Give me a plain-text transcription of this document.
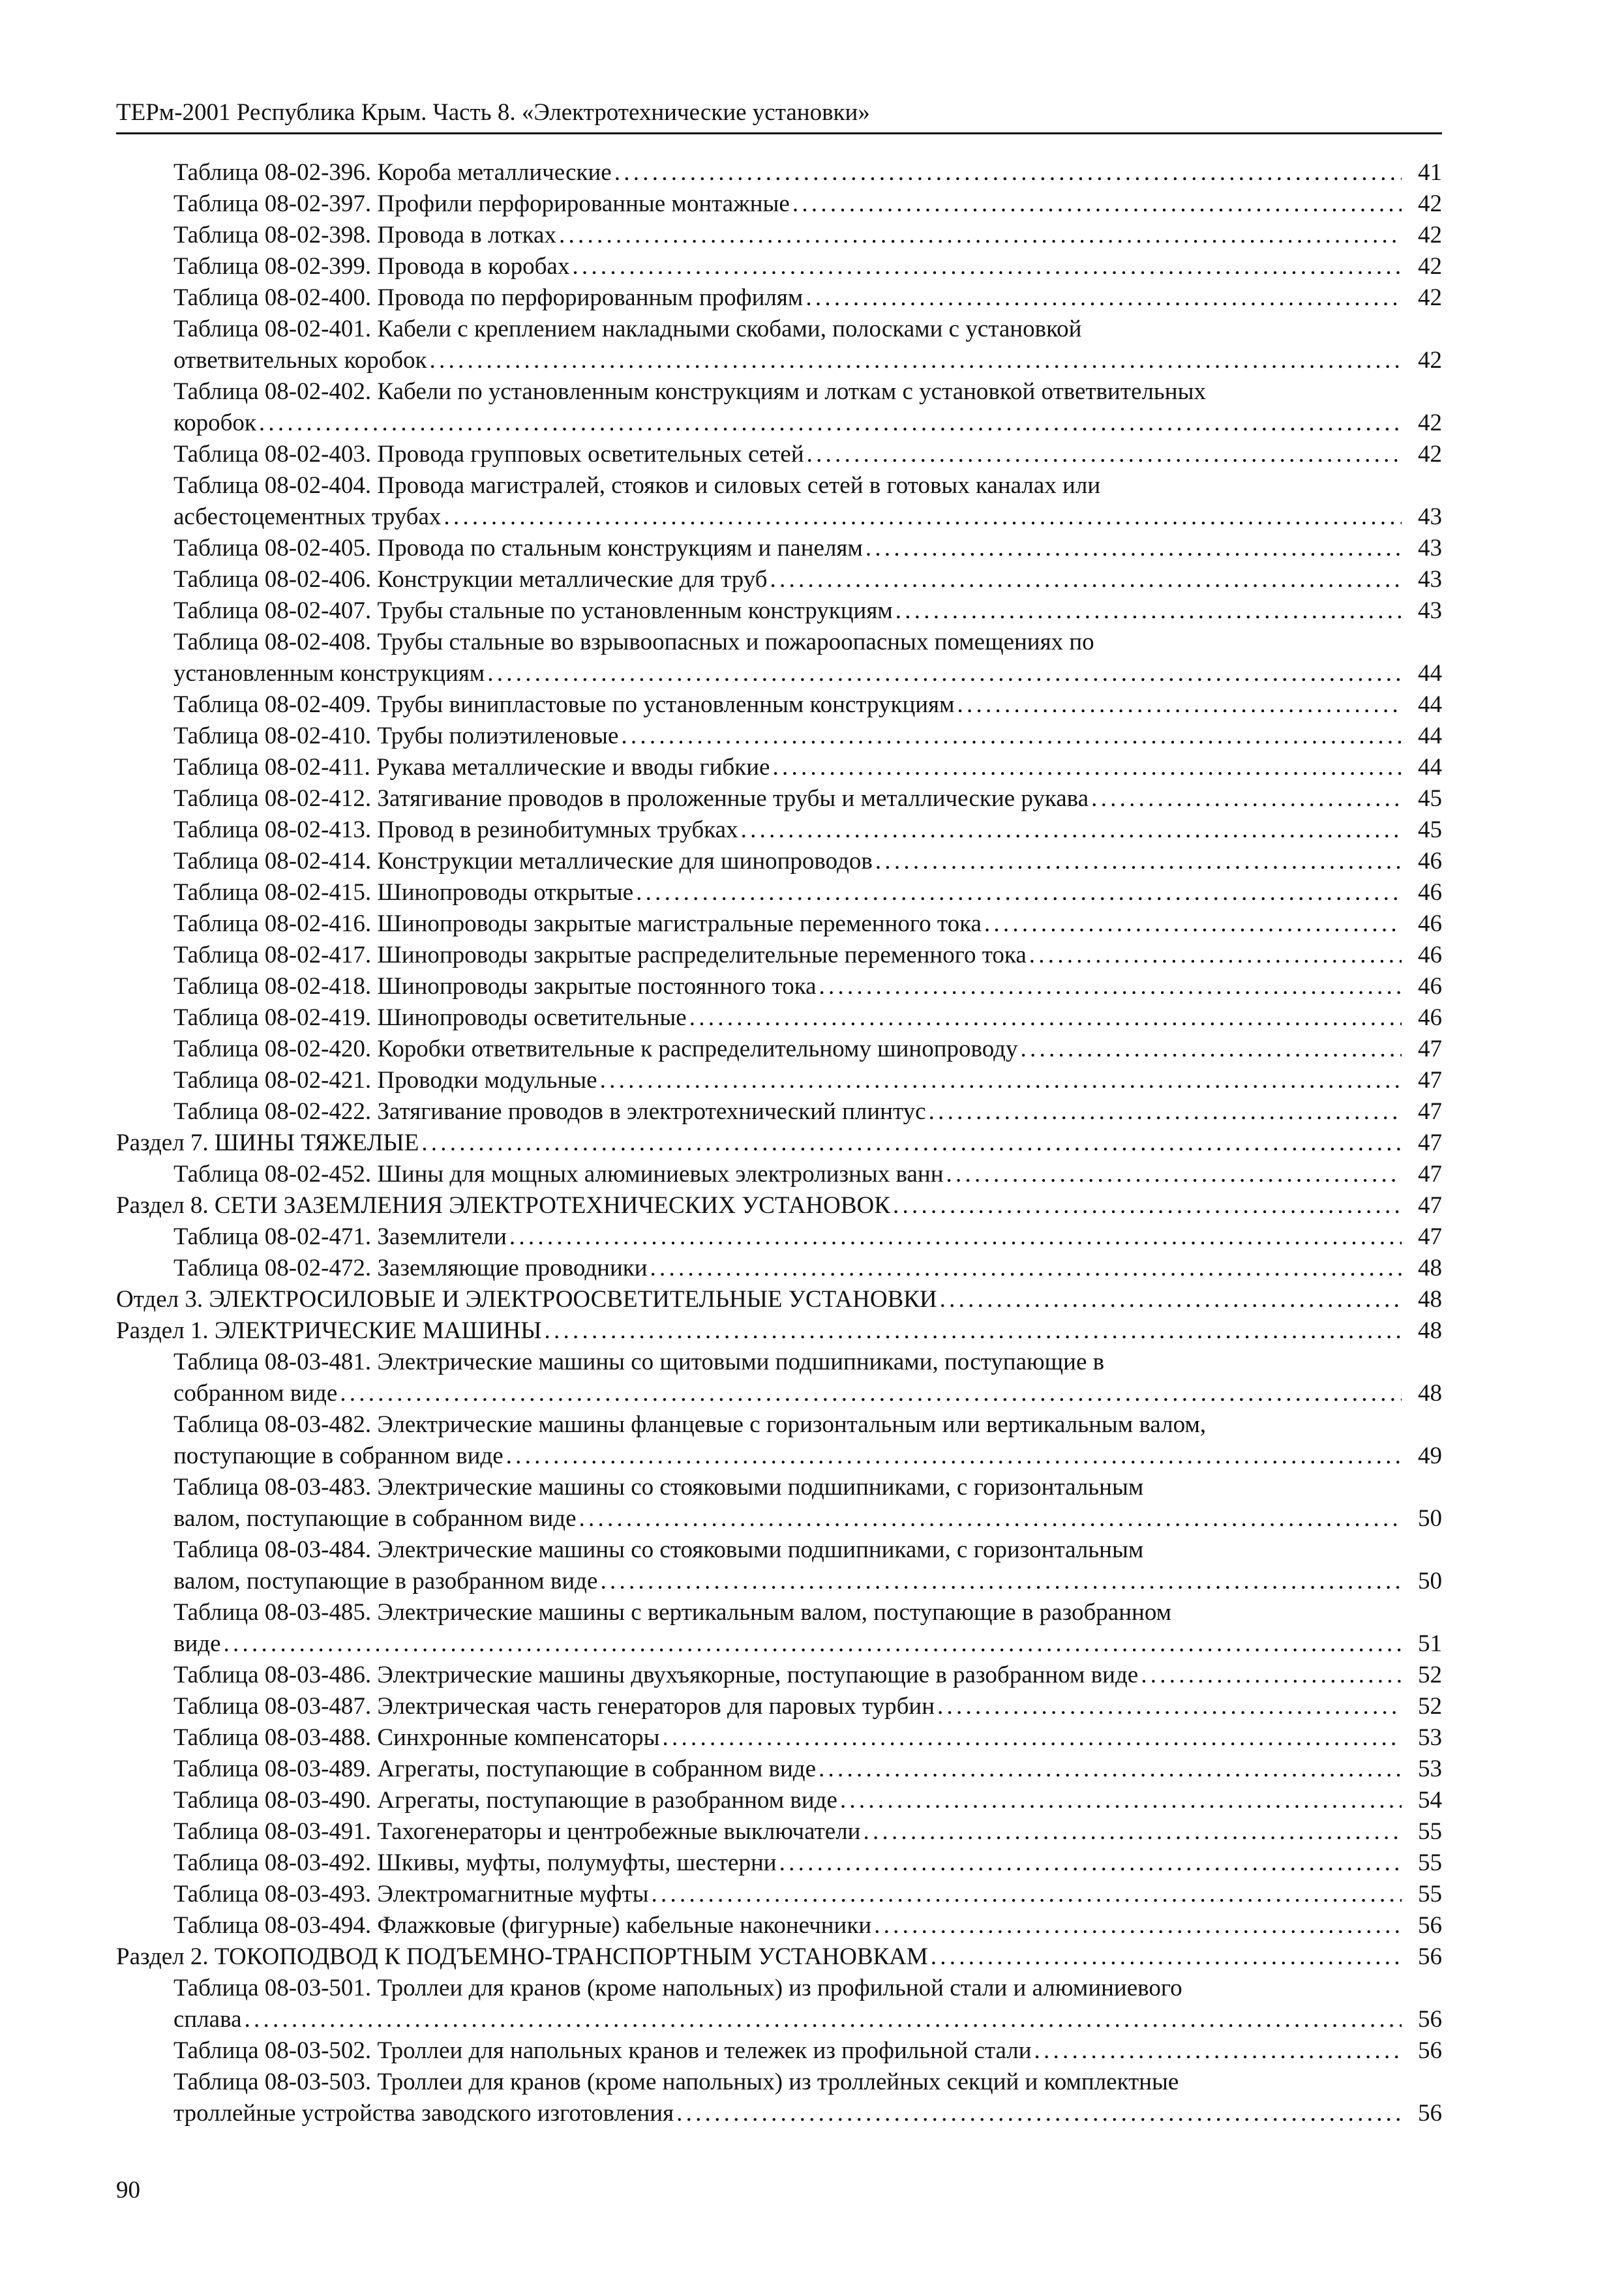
ТЕРм-2001 Республика Крым. Часть 8. «Электротехнические установки»
Таблица 08-02-396. Короба металлические . . .	41
Таблица 08-02-397. Профили перфорированные монтажные . . .	42
Таблица 08-02-398. Провода в лотках . . .	42
Таблица 08-02-399. Провода в коробах . . .	42
Таблица 08-02-400. Провода по перфорированным профилям . . .	42
Таблица 08-02-401. Кабели с креплением накладными скобами, полосками с установкой
ответвительных коробок . . .	42
Таблица 08-02-402. Кабели по установленным конструкциям и лоткам с установкой ответвительных
коробок . . .	42
Таблица 08-02-403. Провода групповых осветительных сетей . . .	42
Таблица 08-02-404. Провода магистралей, стояков и силовых сетей в готовых каналах или
асбестоцементных трубах . . .	43
Таблица 08-02-405. Провода по стальным конструкциям и панелям . . .	43
Таблица 08-02-406. Конструкции металлические для труб . . .	43
Таблица 08-02-407. Трубы стальные по установленным конструкциям . . .	43
Таблица 08-02-408. Трубы стальные во взрывоопасных и пожароопасных помещениях по
установленным конструкциям . . .	44
Таблица 08-02-409. Трубы винипластовые по установленным конструкциям . . .	44
Таблица 08-02-410. Трубы полиэтиленовые . . .	44
Таблица 08-02-411. Рукава металлические и вводы гибкие . . .	44
Таблица 08-02-412. Затягивание проводов в проложенные трубы и металлические рукава . . .	45
Таблица 08-02-413. Провод в резинобитумных трубках . . .	45
Таблица 08-02-414. Конструкции металлические для шинопроводов . . .	46
Таблица 08-02-415. Шинопроводы открытые . . .	46
Таблица 08-02-416. Шинопроводы закрытые магистральные переменного тока . . .	46
Таблица 08-02-417. Шинопроводы закрытые распределительные переменного тока . . .	46
Таблица 08-02-418. Шинопроводы закрытые постоянного тока . . .	46
Таблица 08-02-419. Шинопроводы осветительные . . .	46
Таблица 08-02-420. Коробки ответвительные к распределительному шинопроводу . . .	47
Таблица 08-02-421. Проводки модульные . . .	47
Таблица 08-02-422. Затягивание проводов в электротехнический плинтус . . .	47
Раздел 7. ШИНЫ ТЯЖЕЛЫЕ . . .	47
Таблица 08-02-452. Шины для мощных алюминиевых электролизных ванн . . .	47
Раздел 8. СЕТИ ЗАЗЕМЛЕНИЯ ЭЛЕКТРОТЕХНИЧЕСКИХ УСТАНОВОК . . .	47
Таблица 08-02-471. Заземлители . . .	47
Таблица 08-02-472. Заземляющие проводники . . .	48
Отдел 3. ЭЛЕКТРОСИЛОВЫЕ И ЭЛЕКТРООСВЕТИТЕЛЬНЫЕ УСТАНОВКИ . . .	48
Раздел 1. ЭЛЕКТРИЧЕСКИЕ МАШИНЫ . . .	48
Таблица 08-03-481. Электрические машины со щитовыми подшипниками, поступающие в
собранном виде . . .	48
Таблица 08-03-482. Электрические машины фланцевые с горизонтальным или вертикальным валом,
поступающие в собранном виде . . .	49
Таблица 08-03-483. Электрические машины со стояковыми подшипниками, с горизонтальным
валом, поступающие в собранном виде . . .	50
Таблица 08-03-484. Электрические машины со стояковыми подшипниками, с горизонтальным
валом, поступающие в разобранном виде . . .	50
Таблица 08-03-485. Электрические машины с вертикальным валом, поступающие в разобранном
виде . . .	51
Таблица 08-03-486. Электрические машины двухъякорные, поступающие в разобранном виде . . .	52
Таблица 08-03-487. Электрическая часть генераторов для паровых турбин . . .	52
Таблица 08-03-488. Синхронные компенсаторы . . .	53
Таблица 08-03-489. Агрегаты, поступающие в собранном виде . . .	53
Таблица 08-03-490. Агрегаты, поступающие в разобранном виде . . .	54
Таблица 08-03-491. Тахогенераторы и центробежные выключатели . . .	55
Таблица 08-03-492. Шкивы, муфты, полумуфты, шестерни . . .	55
Таблица 08-03-493. Электромагнитные муфты . . .	55
Таблица 08-03-494. Флажковые (фигурные) кабельные наконечники . . .	56
Раздел 2. ТОКОПОДВОД К ПОДЪЕМНО-ТРАНСПОРТНЫМ УСТАНОВКАМ . . .	56
Таблица 08-03-501. Троллеи для кранов (кроме напольных) из профильной стали и алюминиевого
сплава . . .	56
Таблица 08-03-502. Троллеи для напольных кранов и тележек из профильной стали . . .	56
Таблица 08-03-503. Троллеи для кранов (кроме напольных) из троллейных секций и комплектные
троллейные устройства заводского изготовления . . .	56
90
